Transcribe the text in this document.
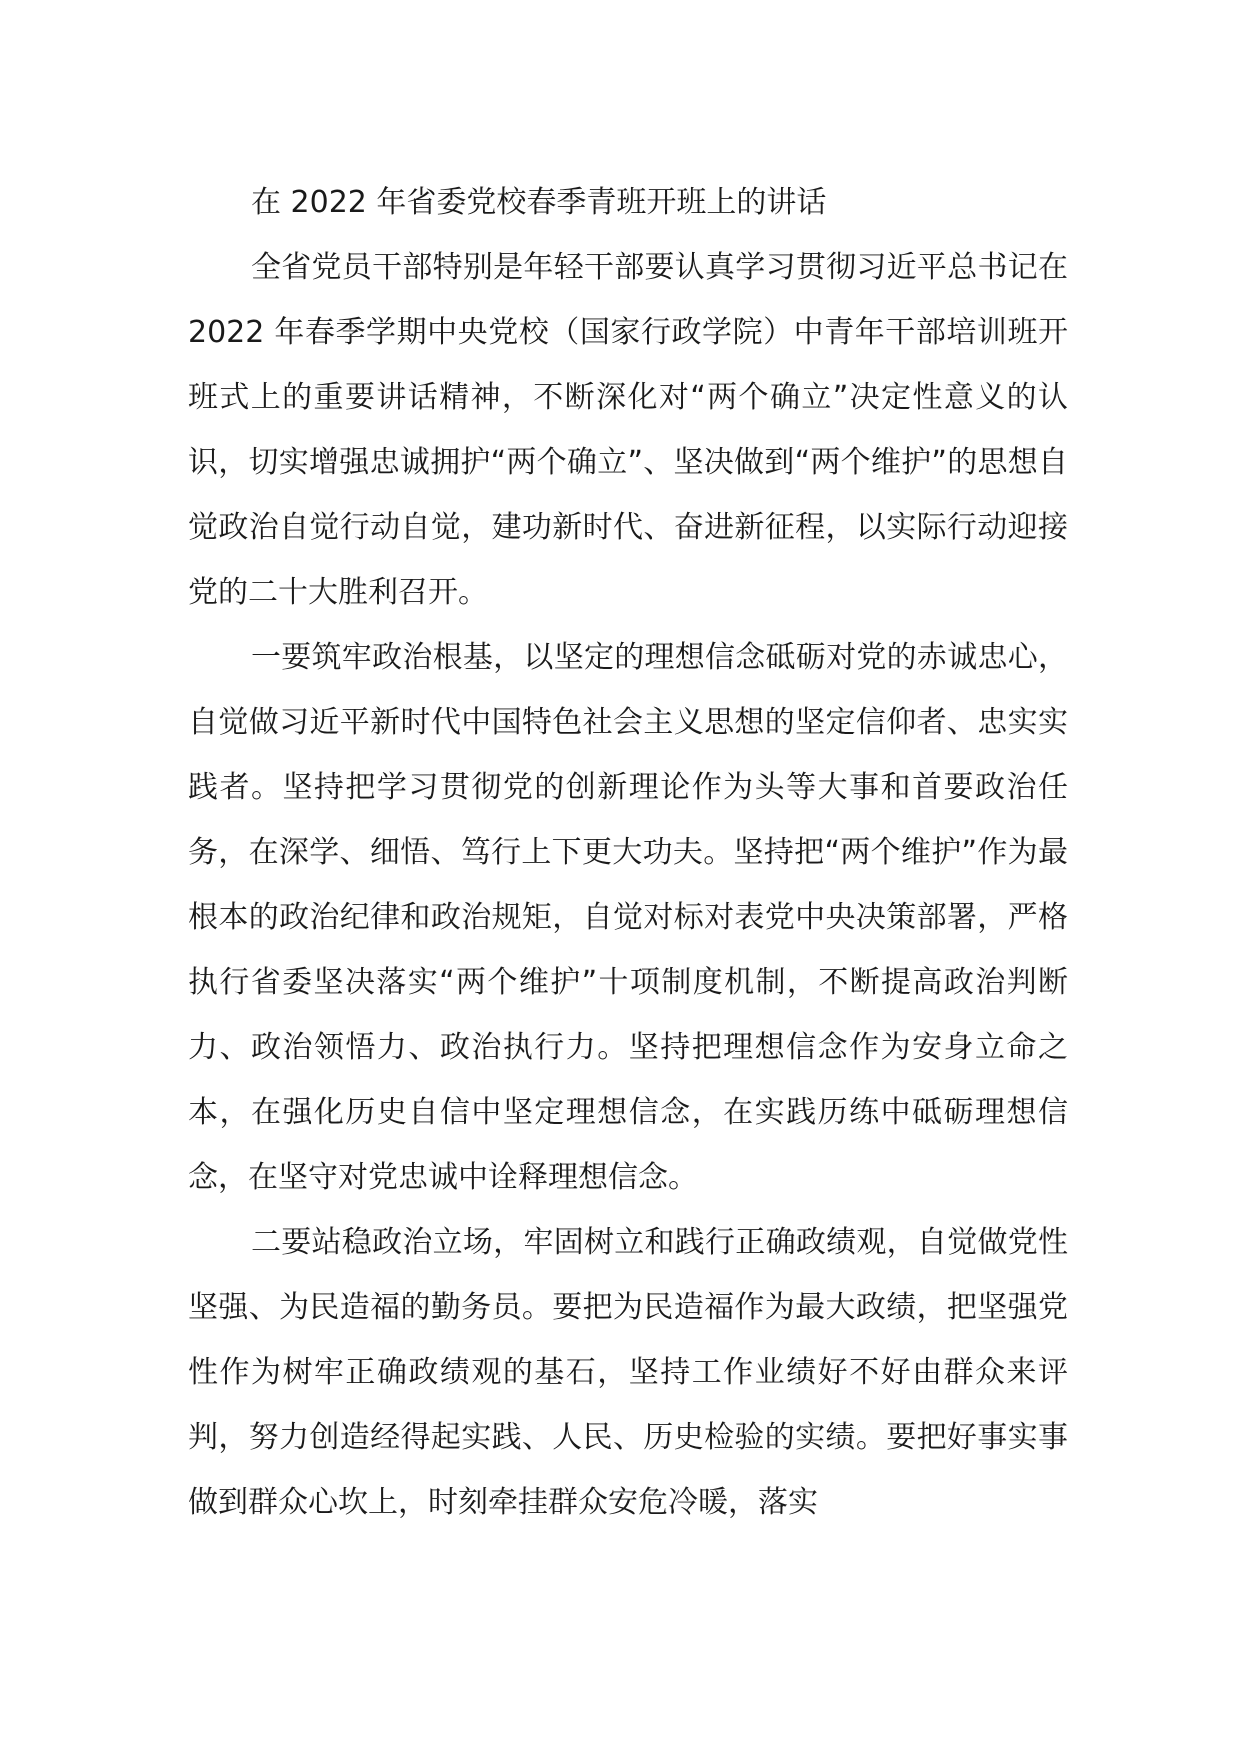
在 2022 年省委党校春季青班开班上的讲话

全省党员干部特别是年轻干部要认真学习贯彻习近平总书记在 2022 年春季学期中央党校（国家行政学院）中青年干部培训班开班式上的重要讲话精神，不断深化对“两个确立”决定性意义的认识，切实增强忠诚拥护“两个确立”、坚决做到“两个维护”的思想自觉政治自觉行动自觉，建功新时代、奋进新征程，以实际行动迎接党的二十大胜利召开。

一要筑牢政治根基，以坚定的理想信念砥砺对党的赤诚忠心，自觉做习近平新时代中国特色社会主义思想的坚定信仰者、忠实实践者。坚持把学习贯彻党的创新理论作为头等大事和首要政治任务，在深学、细悟、笃行上下更大功夫。坚持把“两个维护”作为最根本的政治纪律和政治规矩，自觉对标对表党中央决策部署，严格执行省委坚决落实“两个维护”十项制度机制，不断提高政治判断力、政治领悟力、政治执行力。坚持把理想信念作为安身立命之本，在强化历史自信中坚定理想信念，在实践历练中砥砺理想信念，在坚守对党忠诚中诠释理想信念。

二要站稳政治立场，牢固树立和践行正确政绩观，自觉做党性坚强、为民造福的勤务员。要把为民造福作为最大政绩，把坚强党性作为树牢正确政绩观的基石，坚持工作业绩好不好由群众来评判，努力创造经得起实践、人民、历史检验的实绩。要把好事实事做到群众心坎上，时刻牵挂群众安危冷暖，落实
